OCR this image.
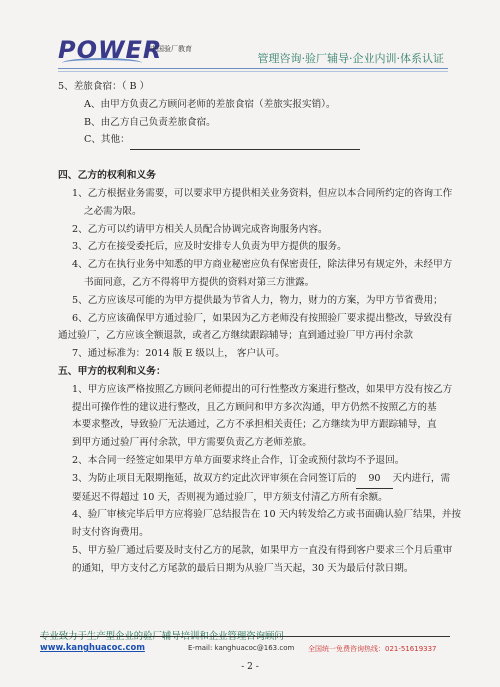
POWER
中国验厂教育
管理咨询·验厂辅导·企业内训·体系认证

5、差旅食宿：（ B ）

A、由甲方负责乙方顾问老师的差旅食宿（差旅实报实销）。

B、由乙方自己负责差旅食宿。

C、其他：

四、乙方的权利和义务

1、乙方根据业务需要，可以要求甲方提供相关业务资料，但应以本合同所约定的咨询工作

之必需为限。

2、乙方可以约请甲方相关人员配合协调完成咨询服务内容。

3、乙方在接受委托后，应及时安排专人负责为甲方提供的服务。

4、乙方在执行业务中知悉的甲方商业秘密应负有保密责任，除法律另有规定外，未经甲方

书面同意，乙方不得将甲方提供的资料对第三方泄露。

5、乙方应该尽可能的为甲方提供最为节省人力，物力，财力的方案，为甲方节省费用；

6、乙方应该确保甲方通过验厂，如果因为乙方老师没有按照验厂要求提出整改，导致没有

通过验厂，乙方应该全额退款，或者乙方继续跟踪辅导；直到通过验厂甲方再付余款

7、通过标准为：2014 版 E 级以上， 客户认可。

五、甲方的权利和义务：

1、甲方应该严格按照乙方顾问老师提出的可行性整改方案进行整改，如果甲方没有按乙方

提出可操作性的建议进行整改，且乙方顾问和甲方多次沟通，甲方仍然不按照乙方的基

本要求整改，导致验厂无法通过，乙方不承担相关责任；乙方继续为甲方跟踪辅导，直

到甲方通过验厂再付余款，甲方需要负责乙方老师差旅。

2、本合同一经签定如果甲方单方面要求终止合作，订金或预付款均不予退回。

3、为防止项目无限期拖延，故双方约定此次评审须在合同签订后的 90 天内进行，需

要延迟不得超过 10 天，否则视为通过验厂，甲方须支付清乙方所有余额。

4、验厂审核完毕后甲方应将验厂总结报告在 10 天内转发给乙方或书面确认验厂结果，并按

时支付咨询费用。

5、甲方验厂通过后要及时支付乙方的尾款，如果甲方一直没有得到客户要求三个月后重审

的通知，甲方支付乙方尾款的最后日期为从验厂当天起，30 天为最后付款日期。

专业致力于生产型企业的验厂辅导培训和企业管理咨询顾问
www.kanghuacoc.com	E-mail: kanghuacoc@163.com 全国统一免费咨询热线：021-51619337
- 2 -
